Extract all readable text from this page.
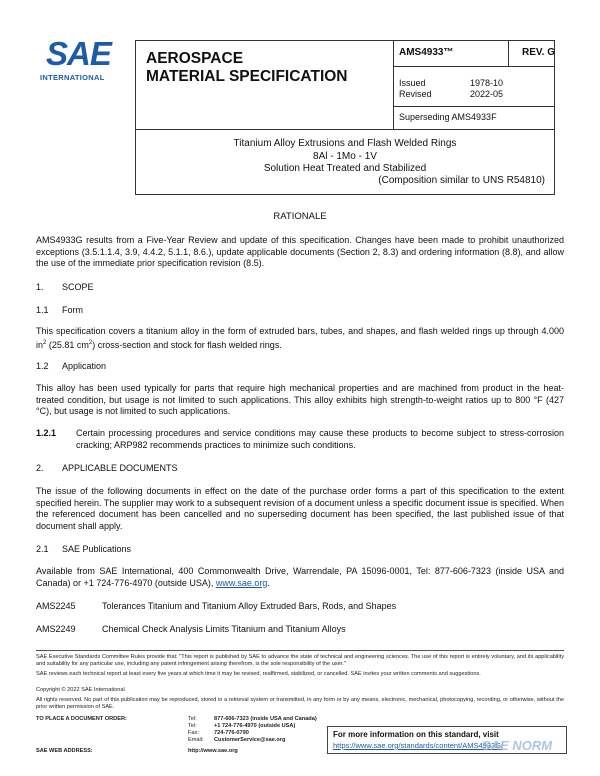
SAE
INTERNATIONAL
AEROSPACE
MATERIAL SPECIFICATION
AMS4933™	REV. G
Issued	1978-10
Revised	2022-05
Superseding AMS4933F
Titanium Alloy Extrusions and Flash Welded Rings
8Al - 1Mo - 1V
Solution Heat Treated and Stabilized
(Composition similar to UNS R54810)
RATIONALE
AMS4933G results from a Five-Year Review and update of this specification. Changes have been made to prohibit unauthorized exceptions (3.5.1.1.4, 3.9, 4.4.2, 5.1.1, 8.6.), update applicable documents (Section 2, 8.3) and ordering information (8.8), and allow the use of the immediate prior specification revision (8.5).
1. SCOPE
1.1 Form
This specification covers a titanium alloy in the form of extruded bars, tubes, and shapes, and flash welded rings up through 4.000 $in^2$ (25.81 $cm^2$) cross-section and stock for flash welded rings.
1.2 Application
This alloy has been used typically for parts that require high mechanical properties and are machined from product in the heat-treated condition, but usage is not limited to such applications. This alloy exhibits high strength-to-weight ratios up to 800 °F (427 °C), but usage is not limited to such applications.
1.2.1 Certain processing procedures and service conditions may cause these products to become subject to stress-corrosion cracking; ARP982 recommends practices to minimize such conditions.
2. APPLICABLE DOCUMENTS
The issue of the following documents in effect on the date of the purchase order forms a part of this specification to the extent specified herein. The supplier may work to a subsequent revision of a document unless a specific document issue is specified. When the referenced document has been cancelled and no superseding document has been specified, the last published issue of that document shall apply.
2.1 SAE Publications
Available from SAE International, 400 Commonwealth Drive, Warrendale, PA 15096-0001, Tel: 877-606-7323 (inside USA and Canada) or +1 724-776-4970 (outside USA), www.sae.org.
AMS2245	Tolerances Titanium and Titanium Alloy Extruded Bars, Rods, and Shapes
AMS2249	Chemical Check Analysis Limits Titanium and Titanium Alloys
SAE Executive Standards Committee Rules provide that: "This report is published by SAE to advance the state of technical and engineering sciences. The use of this report is entirely voluntary, and its applicability and suitability for any particular use, including any patent infringement arising therefrom, is the sole responsibility of the user."
SAE reviews each technical report at least every five years at which time it may be revised, reaffirmed, stabilized, or cancelled. SAE invites your written comments and suggestions.
Copyright © 2022 SAE International
All rights reserved. No part of this publication may be reproduced, stored in a retrieval system or transmitted, in any form or by any means, electronic, mechanical, photocopying, recording, or otherwise, without the prior written permission of SAE.
TO PLACE A DOCUMENT ORDER:	Tel:	877-606-7323 (inside USA and Canada)
Tel:	+1 724-776-4970 (outside USA)
Fax:	724-776-0790
Email: CustomerService@sae.org
SAE WEB ADDRESS:	http://www.sae.org
For more information on this standard, visit
https://www.sae.org/standards/content/AMS4933G/
SAE NORM
